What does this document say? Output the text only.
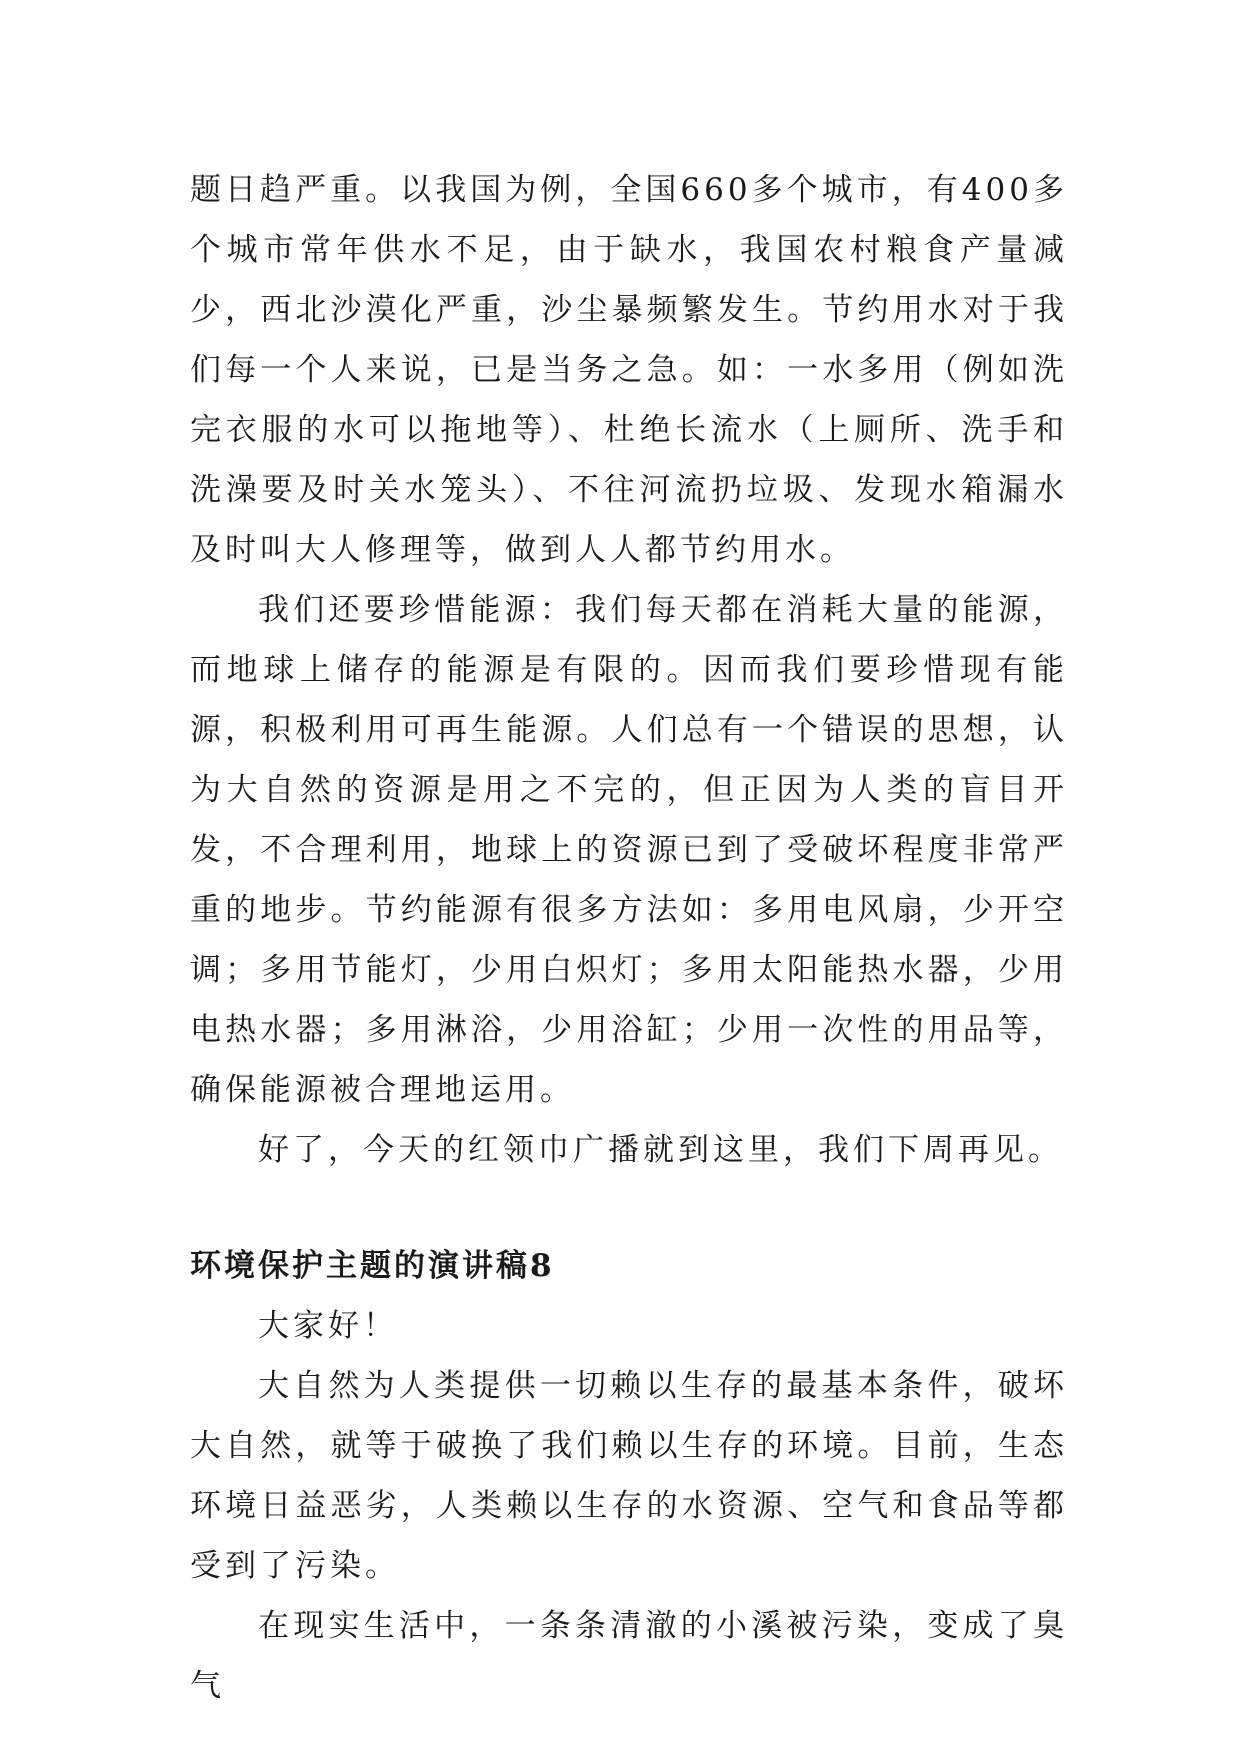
题日趋严重。以我国为例，全国660多个城市，有400多个城市常年供水不足，由于缺水，我国农村粮食产量减少，西北沙漠化严重，沙尘暴频繁发生。节约用水对于我们每一个人来说，已是当务之急。如：一水多用（例如洗完衣服的水可以拖地等）、杜绝长流水（上厕所、洗手和洗澡要及时关水笼头）、不往河流扔垃圾、发现水箱漏水及时叫大人修理等，做到人人都节约用水。

我们还要珍惜能源：我们每天都在消耗大量的能源，而地球上储存的能源是有限的。因而我们要珍惜现有能源，积极利用可再生能源。人们总有一个错误的思想，认为大自然的资源是用之不完的，但正因为人类的盲目开发，不合理利用，地球上的资源已到了受破坏程度非常严重的地步。节约能源有很多方法如：多用电风扇，少开空调；多用节能灯，少用白炽灯；多用太阳能热水器，少用电热水器；多用淋浴，少用浴缸；少用一次性的用品等，确保能源被合理地运用。

好了，今天的红领巾广播就到这里，我们下周再见。

环境保护主题的演讲稿8

大家好！

大自然为人类提供一切赖以生存的最基本条件，破坏大自然，就等于破换了我们赖以生存的环境。目前，生态环境日益恶劣，人类赖以生存的水资源、空气和食品等都受到了污染。

在现实生活中，一条条清澈的小溪被污染，变成了臭气
